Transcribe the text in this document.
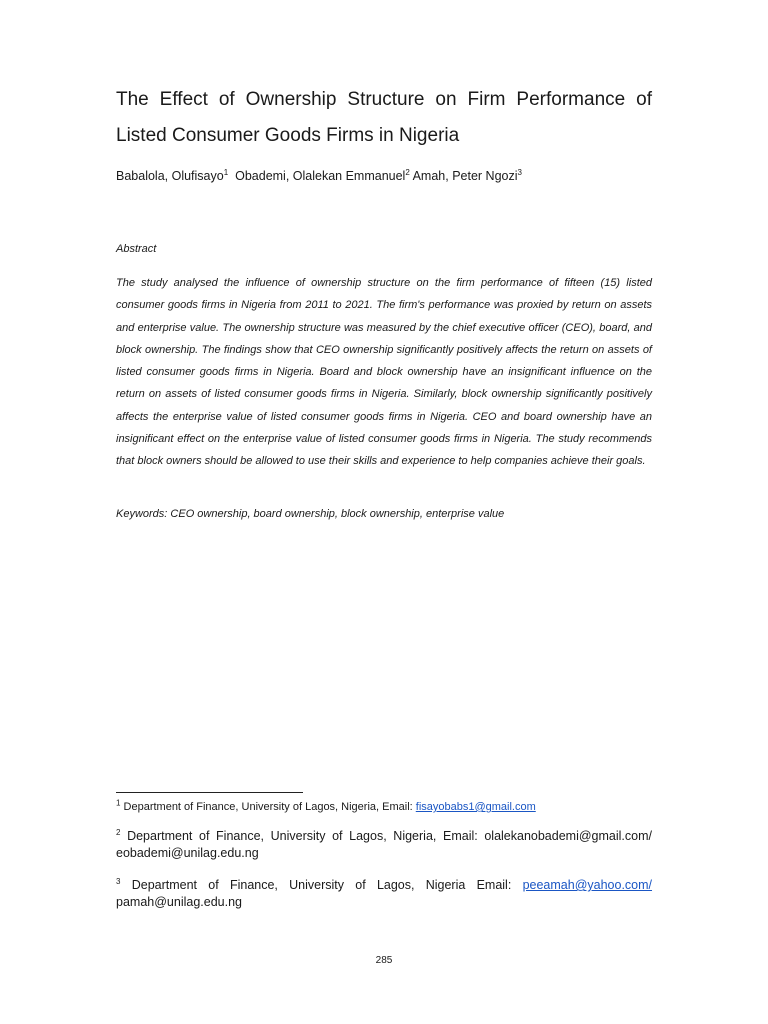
The Effect of Ownership Structure on Firm Performance of
Listed Consumer Goods Firms in Nigeria
Babalola, Olufisayo$^1$ Obademi, Olalekan Emmanuel$^2$ Amah, Peter Ngozi$^3$
Abstract

The study analysed the influence of ownership structure on the firm performance of fifteen (15) listed consumer goods firms in Nigeria from 2011 to 2021. The firm's performance was proxied by return on assets and enterprise value. The ownership structure was measured by the chief executive officer (CEO), board, and block ownership. The findings show that CEO ownership significantly positively affects the return on assets of listed consumer goods firms in Nigeria. Board and block ownership have an insignificant influence on the return on assets of listed consumer goods firms in Nigeria. Similarly, block ownership significantly positively affects the enterprise value of listed consumer goods firms in Nigeria. CEO and board ownership have an insignificant effect on the enterprise value of listed consumer goods firms in Nigeria. The study recommends that block owners should be allowed to use their skills and experience to help companies achieve their goals.

Keywords: CEO ownership, board ownership, block ownership, enterprise value
$^1$ Department of Finance, University of Lagos, Nigeria, Email: fisayobabs1@gmail.com
$^2$ Department of Finance, University of Lagos, Nigeria, Email: olalekanobademi@gmail.com/ eobademi@unilag.edu.ng
$^3$ Department of Finance, University of Lagos, Nigeria Email: peeamah@yahoo.com/
pamah@unilag.edu.ng
285
